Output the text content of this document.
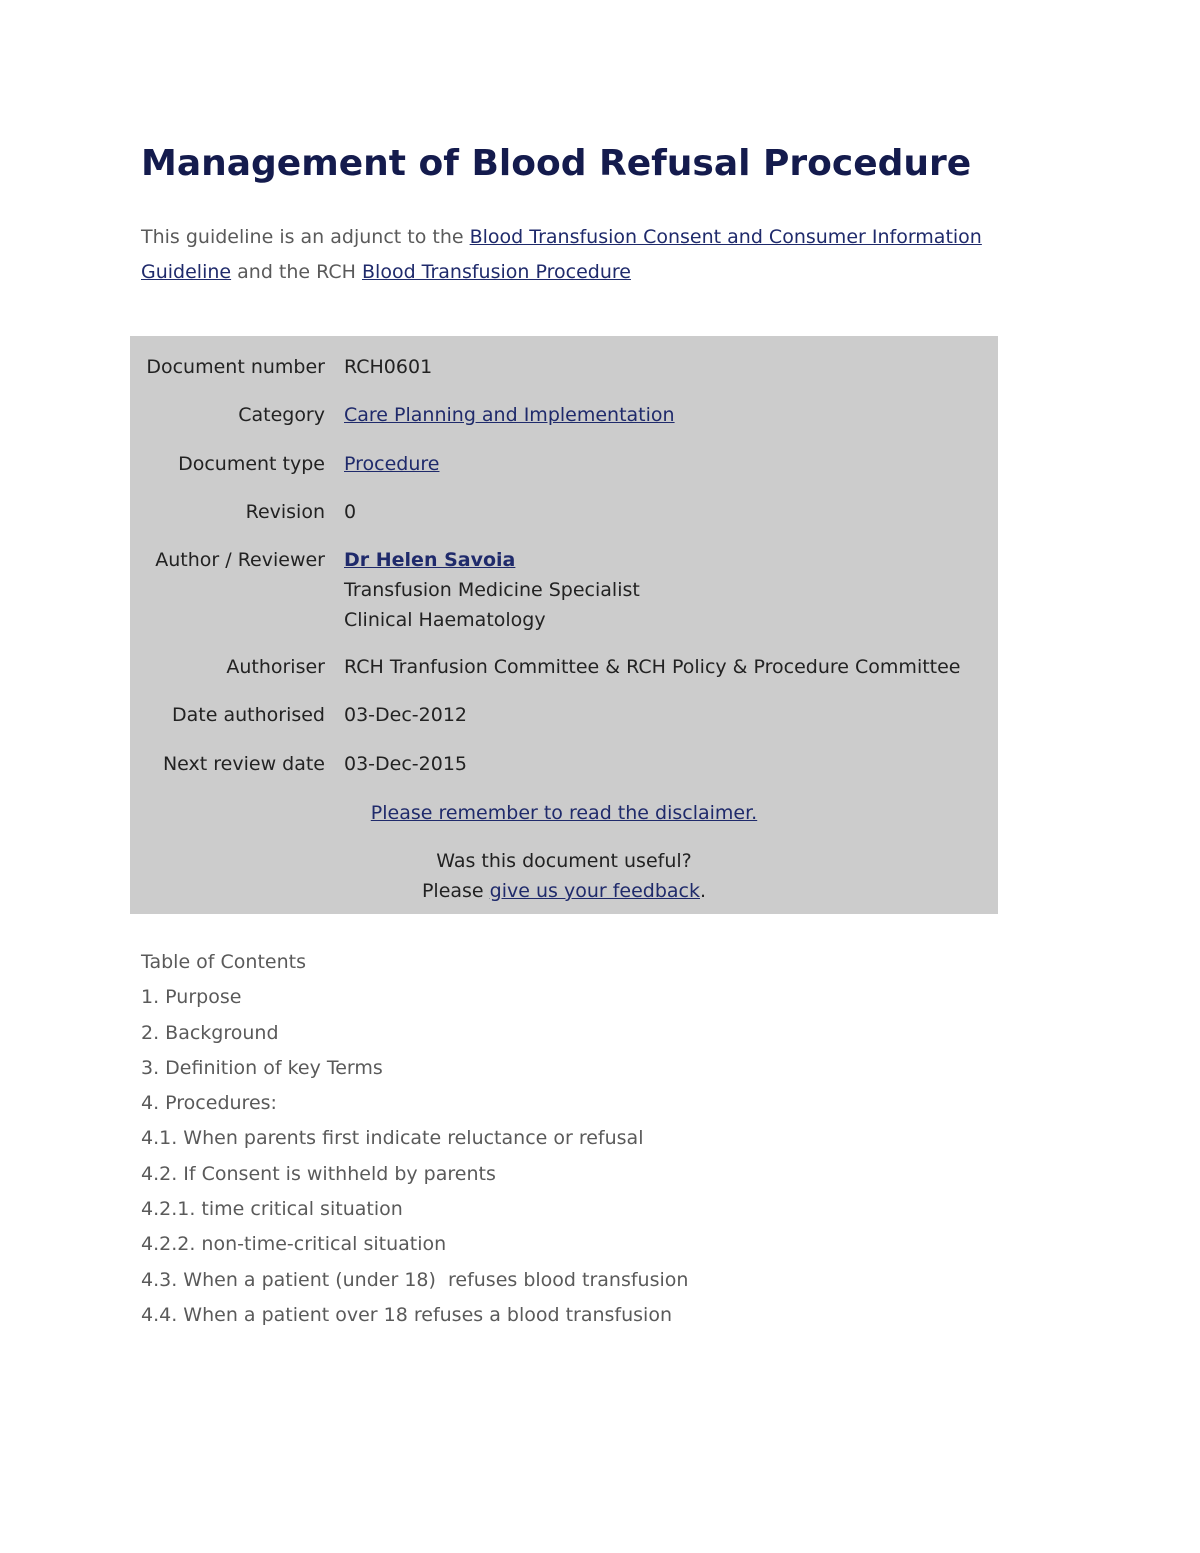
Management of Blood Refusal Procedure

This guideline is an adjunct to the Blood Transfusion Consent and Consumer Information Guideline and the RCH Blood Transfusion Procedure

Document number RCH0601
Category Care Planning and Implementation
Document type Procedure
Revision 0
Author / Reviewer Dr Helen Savoia
Transfusion Medicine Specialist
Clinical Haematology
Authoriser RCH Tranfusion Committee & RCH Policy & Procedure Committee
Date authorised 03-Dec-2012
Next review date 03-Dec-2015
Please remember to read the disclaimer.
Was this document useful?
Please give us your feedback.
Table of Contents
1. Purpose
2. Background
3. Definition of key Terms
4. Procedures:
4.1. When parents first indicate reluctance or refusal
4.2. If Consent is withheld by parents
4.2.1. time critical situation
4.2.2. non-time-critical situation
4.3. When a patient (under 18)  refuses blood transfusion
4.4. When a patient over 18 refuses a blood transfusion
